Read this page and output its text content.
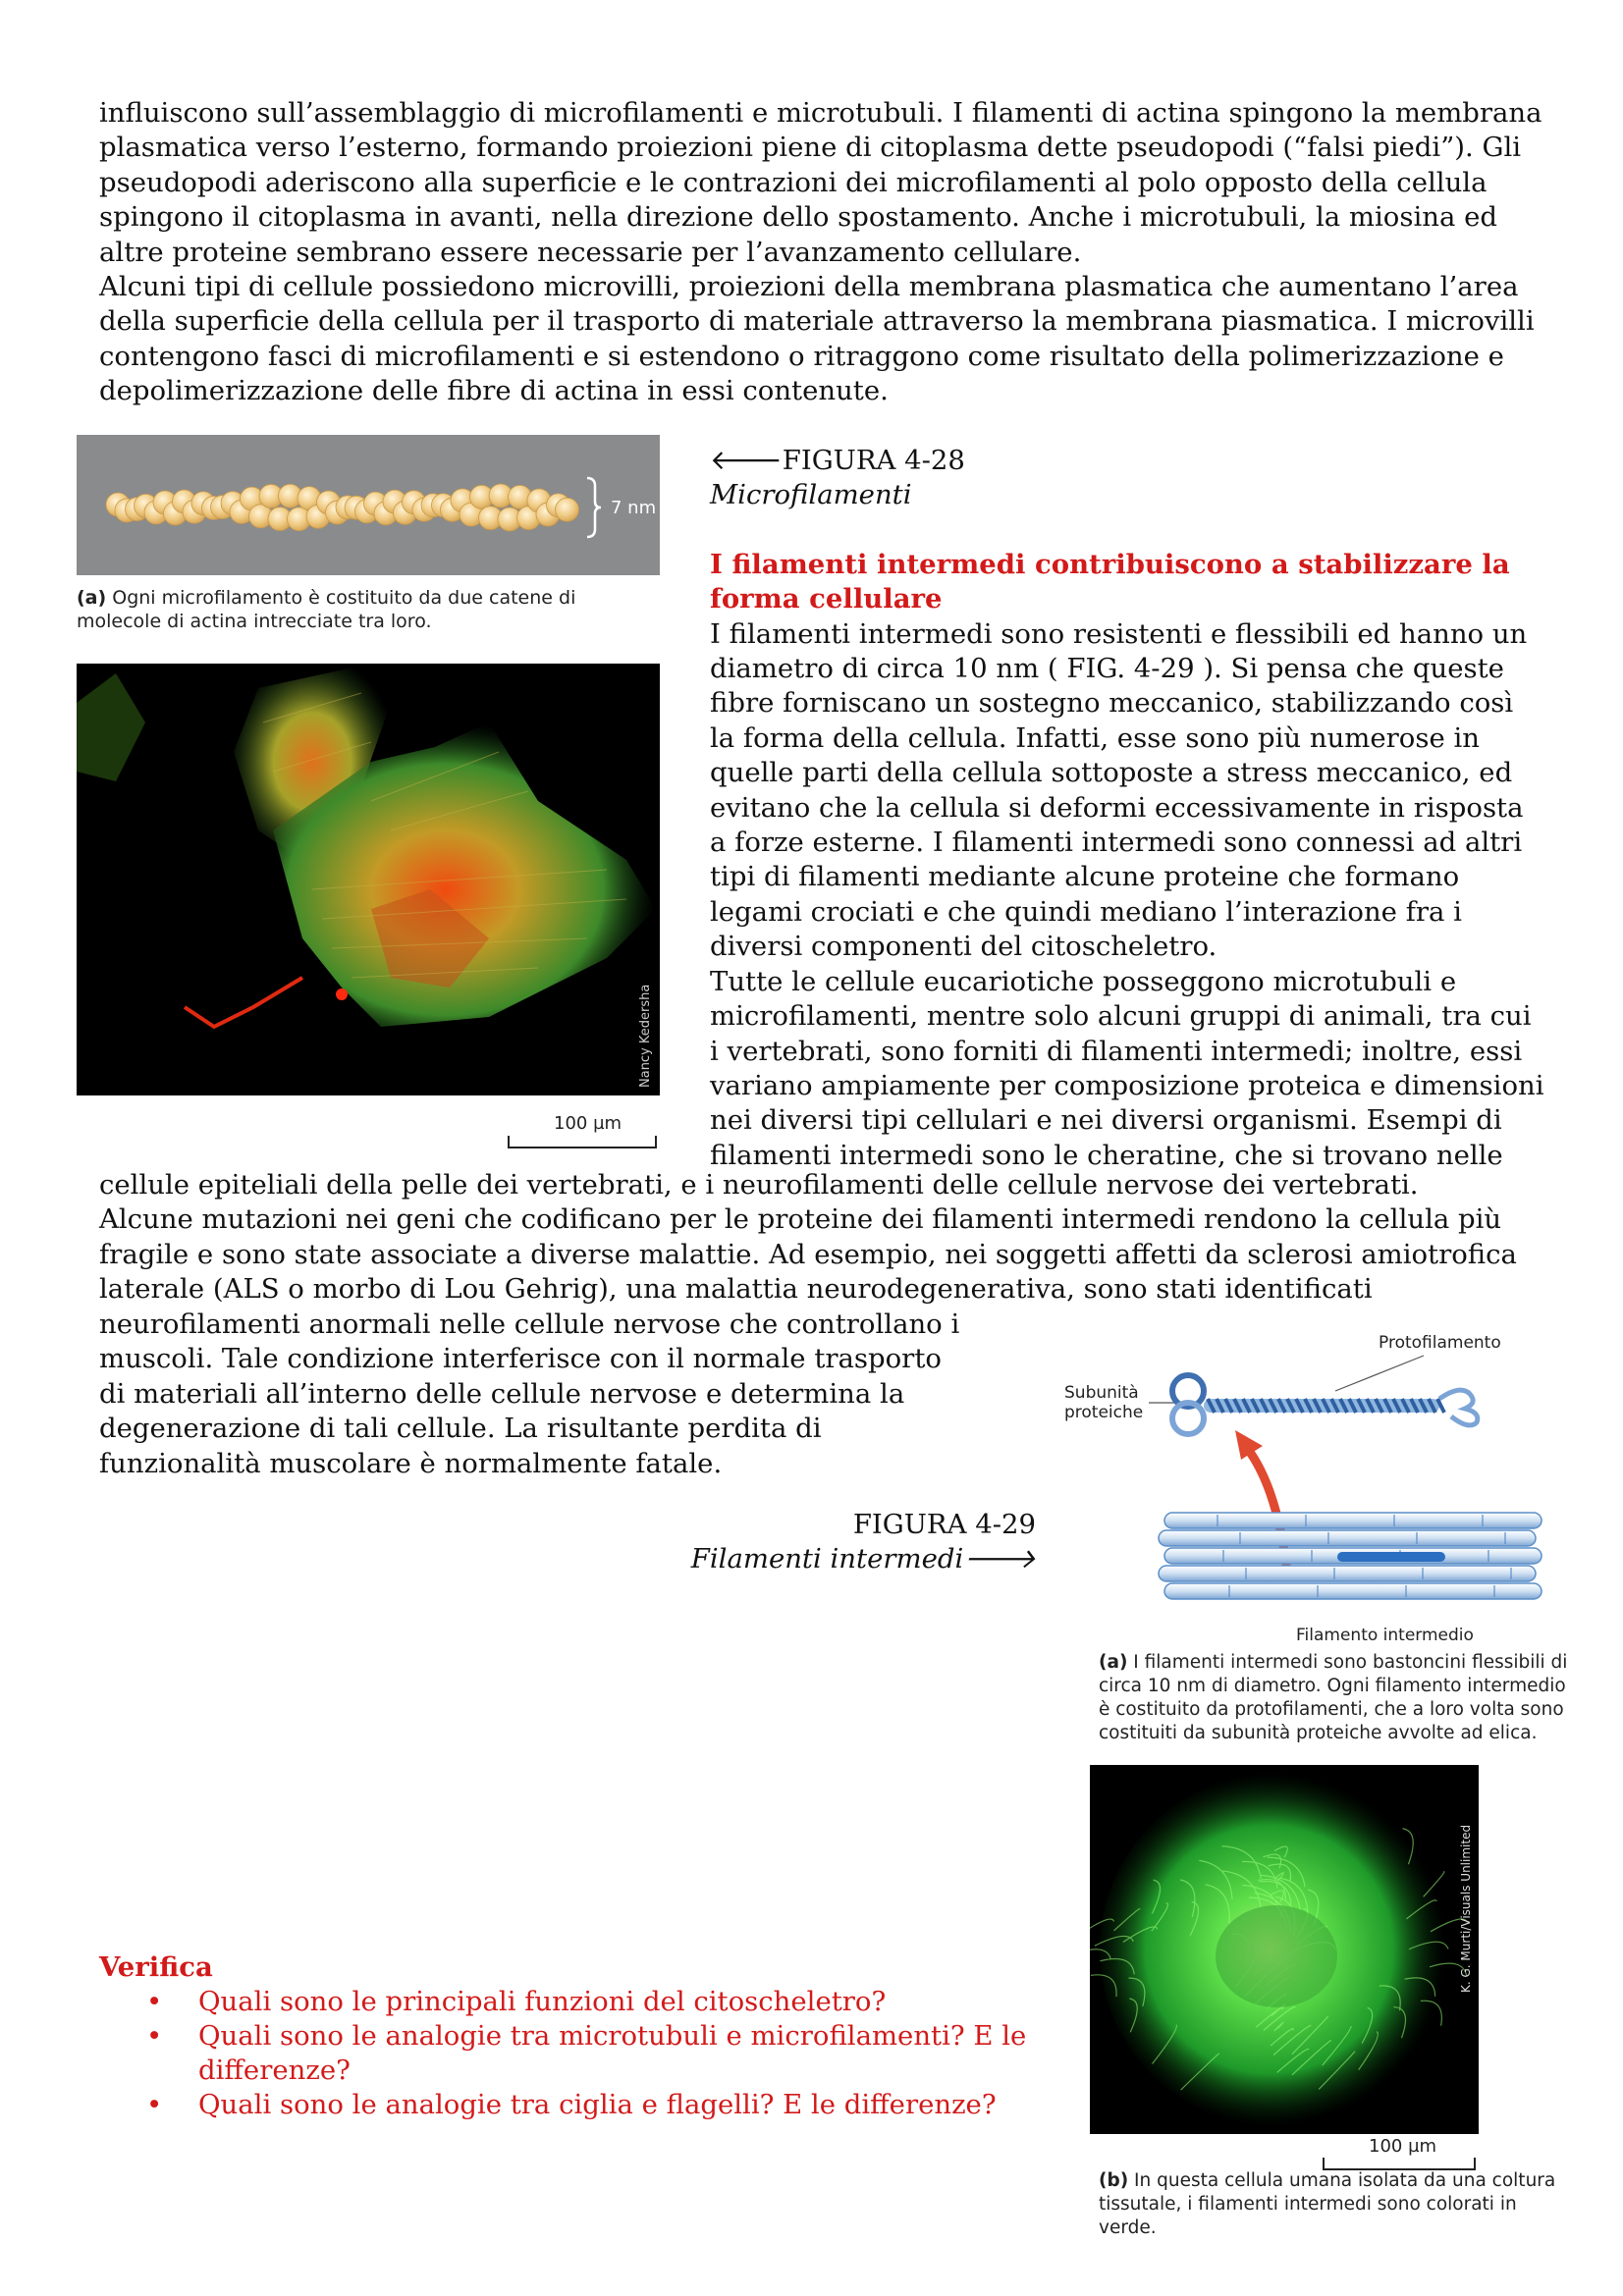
influiscono sull’assemblaggio di microfilamenti e microtubuli. I filamenti di actina spingono la membrana plasmatica verso l’esterno, formando proiezioni piene di citoplasma dette pseudopodi (“falsi piedi”). Gli pseudopodi aderiscono alla superficie e le contrazioni dei microfilamenti al polo opposto della cellula spingono il citoplasma in avanti, nella direzione dello spostamento. Anche i microtubuli, la miosina ed altre proteine sembrano essere necessarie per l’avanzamento cellulare.

Alcuni tipi di cellule possiedono microvilli, proiezioni della membrana plasmatica che aumentano l’area della superficie della cellula per il trasporto di materiale attraverso la membrana piasmatica. I microvilli contengono fasci di microfilamenti e si estendono o ritraggono come risultato della polimerizzazione e depolimerizzazione delle fibre di actina in essi contenute.

7 nm
(a) Ogni microfilamento è costituito da due catene di molecole di actina intrecciate tra loro.
Nancy Kedersha
100 µm

🡐FIGURA 4-28

Microfilamenti

I filamenti intermedi contribuiscono a stabilizzare la forma cellulare

I filamenti intermedi sono resistenti e flessibili ed hanno un diametro di circa 10 nm ( FIG. 4-29 ). Si pensa che queste fibre forniscano un sostegno meccanico, stabilizzando così la forma della cellula. Infatti, esse sono più numerose in quelle parti della cellula sottoposte a stress meccanico, ed evitano che la cellula si deformi eccessivamente in risposta a forze esterne. I filamenti intermedi sono connessi ad altri tipi di filamenti mediante alcune proteine che formano legami crociati e che quindi mediano l’interazione fra i diversi componenti del citoscheletro.

Tutte le cellule eucariotiche posseggono microtubuli e microfilamenti, mentre solo alcuni gruppi di animali, tra cui i vertebrati, sono forniti di filamenti intermedi; inoltre, essi variano ampiamente per composizione proteica e dimensioni nei diversi tipi cellulari e nei diversi organismi. Esempi di filamenti intermedi sono le cheratine, che si trovano nelle

cellule epiteliali della pelle dei vertebrati, e i neurofilamenti delle cellule nervose dei vertebrati.

Alcune mutazioni nei geni che codificano per le proteine dei filamenti intermedi rendono la cellula più fragile e sono state associate a diverse malattie. Ad esempio, nei soggetti affetti da sclerosi amiotrofica laterale (ALS o morbo di Lou Gehrig), una malattia neurodegenerativa, sono stati identificati

neurofilamenti anormali nelle cellule nervose che controllano i muscoli. Tale condizione interferisce con il normale trasporto di materiali all’interno delle cellule nervose e determina la degenerazione di tali cellule. La risultante perdita di funzionalità muscolare è normalmente fatale.

Protofilamento
Subunità
proteiche
Filamento intermedio
FIGURA 4-29
Filamenti intermedi🡒
(a) I filamenti intermedi sono bastoncini flessibili di circa 10 nm di diametro. Ogni filamento intermedio è costituito da protofilamenti, che a loro volta sono costituiti da subunità proteiche avvolte ad elica.
K. G. Murti/Visuals Unlimited
100 µm
(b) In questa cellula umana isolata da una coltura tissutale, i filamenti intermedi sono colorati in verde.
Verifica
• Quali sono le principali funzioni del citoscheletro?
• Quali sono le analogie tra microtubuli e microfilamenti? E le differenze?
• Quali sono le analogie tra ciglia e flagelli? E le differenze?
